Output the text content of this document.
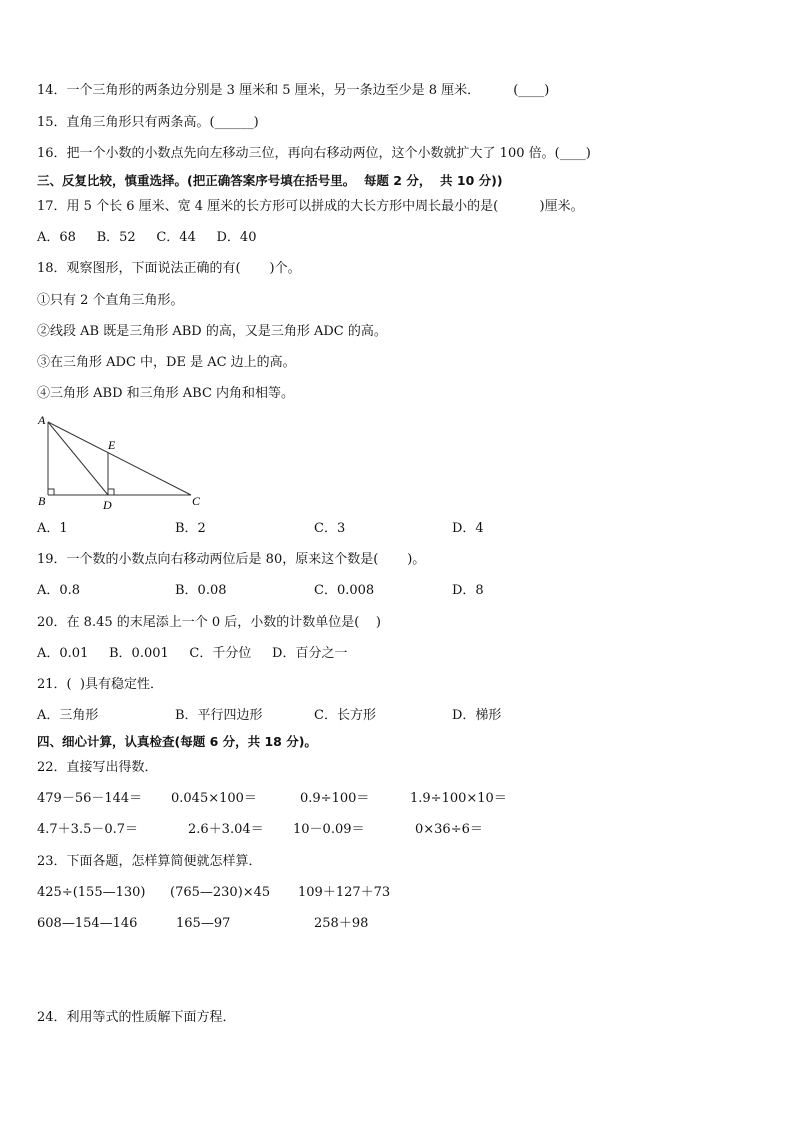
14．一个三角形的两条边分别是 3 厘米和 5 厘米，另一条边至少是 8 厘米．        (____)
15．直角三角形只有两条高。(______)
16．把一个小数的小数点先向左移动三位，再向右移动两位，这个小数就扩大了 100 倍。(____)
三、反复比较，慎重选择。(把正确答案序号填在括号里。  每题 2 分，  共 10 分))
17．用 5 个长 6 厘米、宽 4 厘米的长方形可以拼成的大长方形中周长最小的是(          )厘米。
A．68     B．52     C．44     D．40
18．观察图形，下面说法正确的有(       )个。
①只有 2 个直角三角形。
②线段 AB 既是三角形 ABD 的高，又是三角形 ADC 的高。
③在三角形 ADC 中，DE 是 AC 边上的高。
④三角形 ABD 和三角形 ABC 内角和相等。
A
E
B	D	C
A．1	B．2	C．3	D．4
19．一个数的小数点向右移动两位后是 80，原来这个数是(       )。
A．0.8	B．0.08	C．0.008	D．8
20．在 8.45 的末尾添上一个 0 后，小数的计数单位是(    )
A．0.01     B．0.001     C．千分位     D．百分之一
21．(  )具有稳定性．
A．三角形	B．平行四边形	C．长方形	D．梯形
四、细心计算，认真检查(每题 6 分，共 18 分)。
22．直接写出得数．
479－56－144＝ 0.045×100＝	0.9÷100＝	1.9÷100×10＝
4.7＋3.5－0.7＝	2.6＋3.04＝ 10－0.09＝	0×36÷6＝
23．下面各题，怎样算简便就怎样算．
425÷(155—130) (765—230)×45 109＋127＋73
608—154—146	165—97	258＋98
24．利用等式的性质解下面方程．
